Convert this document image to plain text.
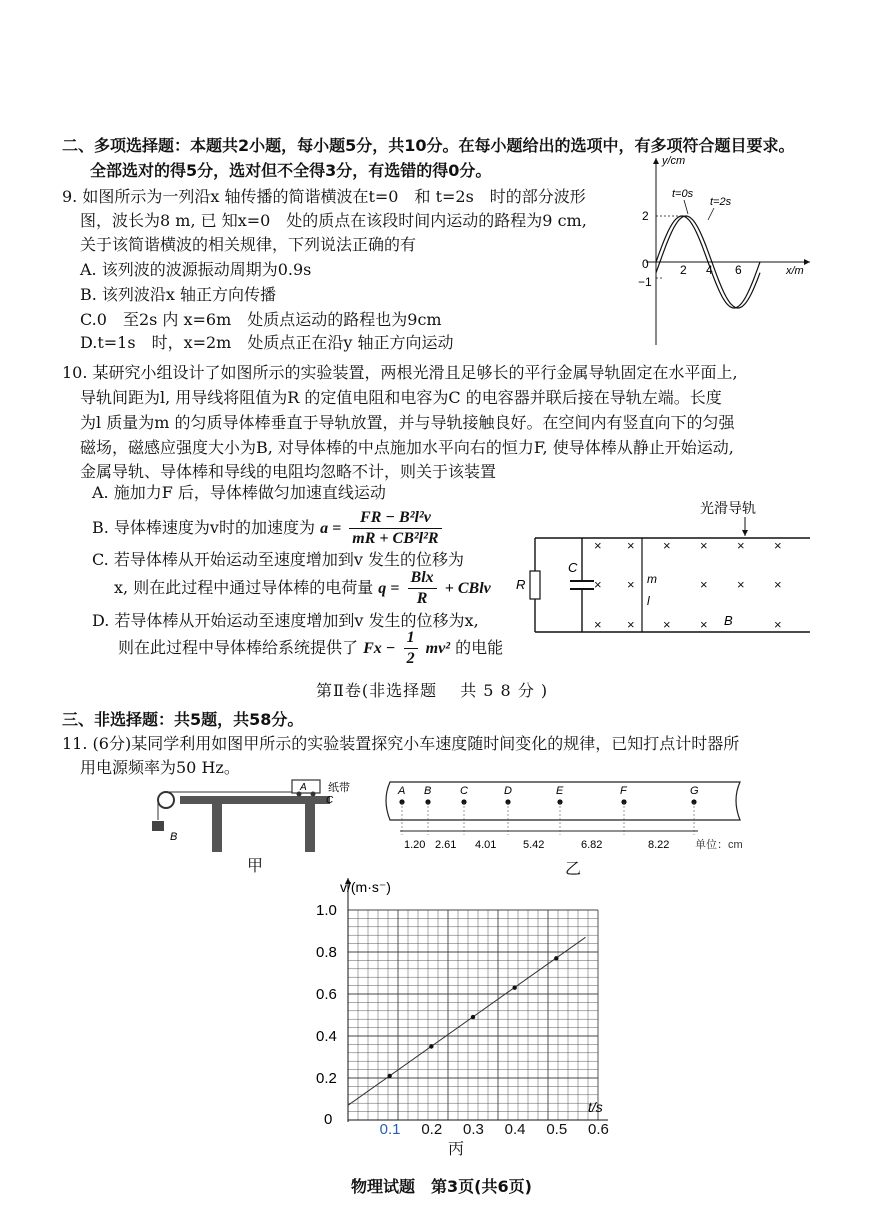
二、多项选择题：本题共2小题，每小题5分，共10分。在每小题给出的选项中，有多项符合题目要求。
全部选对的得5分，选对但不全得3分，有选错的得0分。
9. 如图所示为一列沿x 轴传播的简谐横波在t=0　和 t=2s　时的部分波形
图，波长为8 m, 已 知x=0　处的质点在该段时间内运动的路程为9 cm,
关于该简谐横波的相关规律，下列说法正确的有
A. 该列波的波源振动周期为0.9s
B. 该列波沿x 轴正方向传播
C.0　至2s 内 x=6m　处质点运动的路程也为9cm
D.t=1s　时，x=2m　处质点正在沿y 轴正方向运动
y/cm
x/m
2
−1
0	2 4 6
t=0s
t=2s
10. 某研究小组设计了如图所示的实验装置，两根光滑且足够长的平行金属导轨固定在水平面上,
导轨间距为l, 用导线将阻值为R 的定值电阻和电容为C 的电容器并联后接在导轨左端。长度
为l 质量为m 的匀质导体棒垂直于导轨放置，并与导轨接触良好。在空间内有竖直向下的匀强
磁场，磁感应强度大小为B, 对导体棒的中点施加水平向右的恒力F, 使导体棒从静止开始运动,
金属导轨、导体棒和导线的电阻均忽略不计，则关于该装置
A. 施加力F 后，导体棒做匀加速直线运动
B. 导体棒速度为v时的加速度为 $a = \frac{\text{FR − B²l²v}}{\text{mR + CB²l²R}}$
C. 若导体棒从开始运动至速度增加到v 发生的位移为
x, 则在此过程中通过导体棒的电荷量 $q = \frac{\text{Blx}}{R}$ + CBlv
D. 若导体棒从开始运动至速度增加到v 发生的位移为x,
则在此过程中导体棒给系统提供了 $Fx - \frac{1}{2} mv^2$ 的电能
光滑导轨
R
C
m
l
B
× × × × × ×
× ×	× × ×
× × × ×	×
第Ⅱ卷(非选择题　 共 5 8 分 )
三、非选择题：共5题，共58分。
11. (6分)某同学利用如图甲所示的实验装置探究小车速度随时间变化的规律，已知打点计时器所
用电源频率为50 Hz。
B
A
C
纸带
甲
A B	C	D	E	F	G
1.20 2.61 4.01 5.42	6.82	8.22 单位：cm
乙
v/(m·s⁻)
t/s
0
0.2
0.4
0.6
0.8
1.0
0.1 0.2 0.3 0.4 0.5 0.6
丙
物理试题　第3页(共6页)
